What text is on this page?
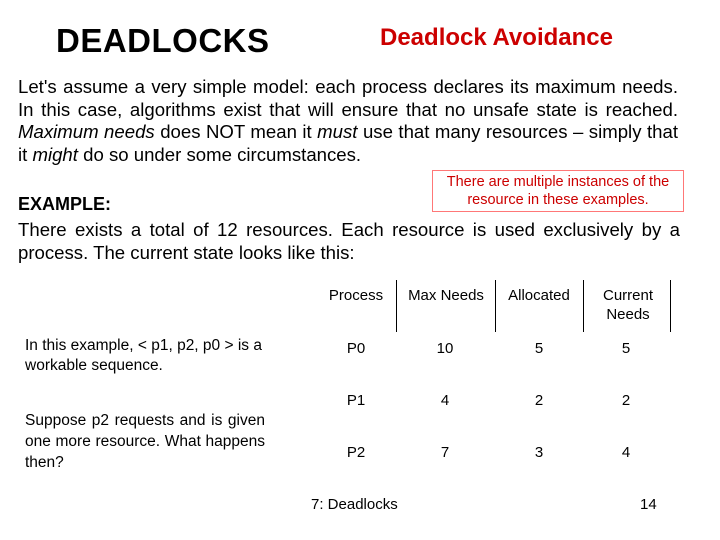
DEADLOCKS	Deadlock Avoidance
Let's assume a very simple model: each process declares its maximum needs. In this case, algorithms exist that will ensure that no unsafe state is reached. Maximum needs does NOT mean it must use that many resources – simply that it might do so under some circumstances.
There are multiple instances of the resource in these examples.
EXAMPLE:
There exists a total of 12 resources. Each resource is used exclusively by a process. The current state looks like this:
In this example, < p1, p2, p0 > is a workable sequence.
Suppose p2 requests and is given one more resource. What happens then?
Process	Max Needs	Allocated	Current Needs
P0	10	5	5
P1	4	2	2
P2	7	3	4
7: Deadlocks	14
